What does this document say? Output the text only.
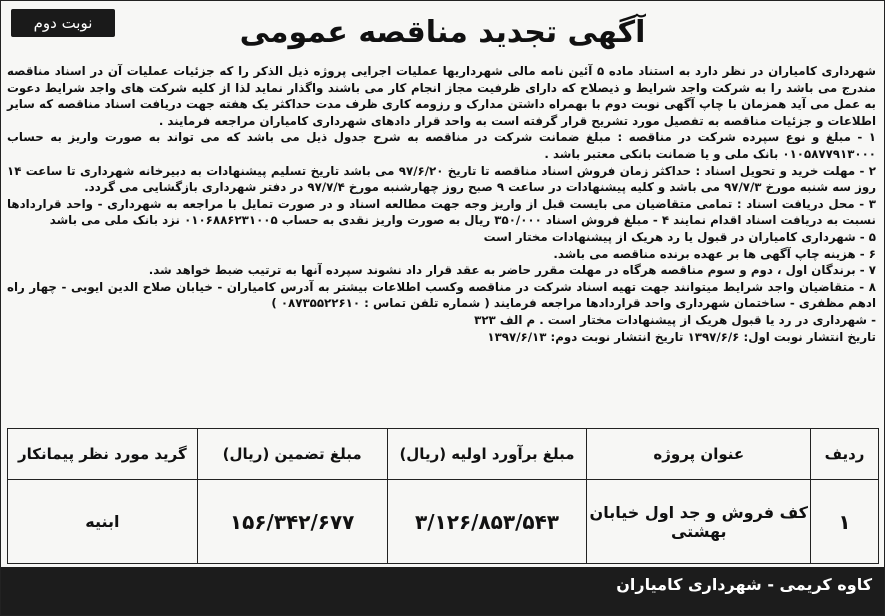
نوبت دوم	آگهی تجدید مناقصه عمومی

شهرداری کامیاران در نظر دارد به استناد ماده ۵ آئین نامه مالی شهرداریها عملیات اجرایی پروژه ذیل الذکر را که جزئیات عملیات آن در اسناد مناقصه مندرج می باشد را به شرکت واجد شرایط و ذیصلاح که دارای ظرفیت مجاز انجام کار می باشند واگذار نماید لذا از کلیه شرکت های واجد شرایط دعوت به عمل می آید همزمان با چاپ آگهی نوبت دوم با بهمراه داشتن مدارک و رزومه کاری ظرف مدت حداکثر یک هفته جهت دریافت اسناد مناقصه که سایر اطلاعات و جزئیات مناقصه به تفصیل مورد تشریح قرار گرفته است به واحد قرار دادهای شهرداری کامیاران مراجعه فرمایند .

۱ - مبلغ و نوع سپرده شرکت در مناقصه : مبلغ ضمانت شرکت در مناقصه به شرح جدول ذیل می باشد که می تواند به صورت واریز به حساب ۰۱۰۵۸۷۷۹۱۳۰۰۰ بانک ملی و یا ضمانت بانکی معتبر باشد .

۲ - مهلت خرید و تحویل اسناد : حداکثر زمان فروش اسناد مناقصه تا تاریخ ۹۷/۶/۲۰ می باشد تاریخ تسلیم پیشنهادات به دبیرخانه شهرداری تا ساعت ۱۴ روز سه شنبه مورخ ۹۷/۷/۳ می باشد و کلیه پیشنهادات در ساعت ۹ صبح روز چهارشنبه مورخ ۹۷/۷/۴ در دفتر شهرداری بازگشایی می گردد.

۳ - محل دریافت اسناد : تمامی متقاضیان می بایست قبل از واریز وجه جهت مطالعه اسناد و در صورت تمایل با مراجعه به شهرداری - واحد قراردادها نسبت به دریافت اسناد اقدام نمایند ۴ - مبلغ فروش اسناد ۳۵۰/۰۰۰ ریال به صورت واریز نقدی به حساب ۰۱۰۶۸۸۶۲۳۱۰۰۵ نزد بانک ملی می باشد

۵ - شهرداری کامیاران در قبول یا رد هریک از پیشنهادات مختار است

۶ - هزینه چاپ آگهی ها بر عهده برنده مناقصه می باشد.

۷ - برندگان اول ، دوم و سوم مناقصه هرگاه در مهلت مقرر حاضر به عقد قرار داد نشوند سپرده آنها به ترتیب ضبط خواهد شد.

۸ - متقاضیان واجد شرایط میتوانند جهت تهیه اسناد شرکت در مناقصه وکسب اطلاعات بیشتر به آدرس کامیاران - خیابان صلاح الدین ایوبی - چهار راه ادهم مظفری - ساختمان شهرداری واحد قراردادها مراجعه فرمایند ( شماره تلفن تماس : ۰۸۷۳۵۵۲۲۶۱۰ )

- شهرداری در رد یا قبول هریک از پیشنهادات مختار است . م الف ۳۲۳

تاریخ انتشار نوبت اول: ۱۳۹۷/۶/۶ تاریخ انتشار نوبت دوم: ۱۳۹۷/۶/۱۳

ردیف	عنوان پروژه	مبلغ برآورد اولیه (ریال)	مبلغ تضمین (ریال)	گرید مورد نظر پیمانکار
۱	کف فروش و جد اول خیابان بهشتی	۳/۱۲۶/۸۵۳/۵۴۳	۱۵۶/۳۴۲/۶۷۷	ابنیه
کاوه کریمی - شهرداری کامیاران
